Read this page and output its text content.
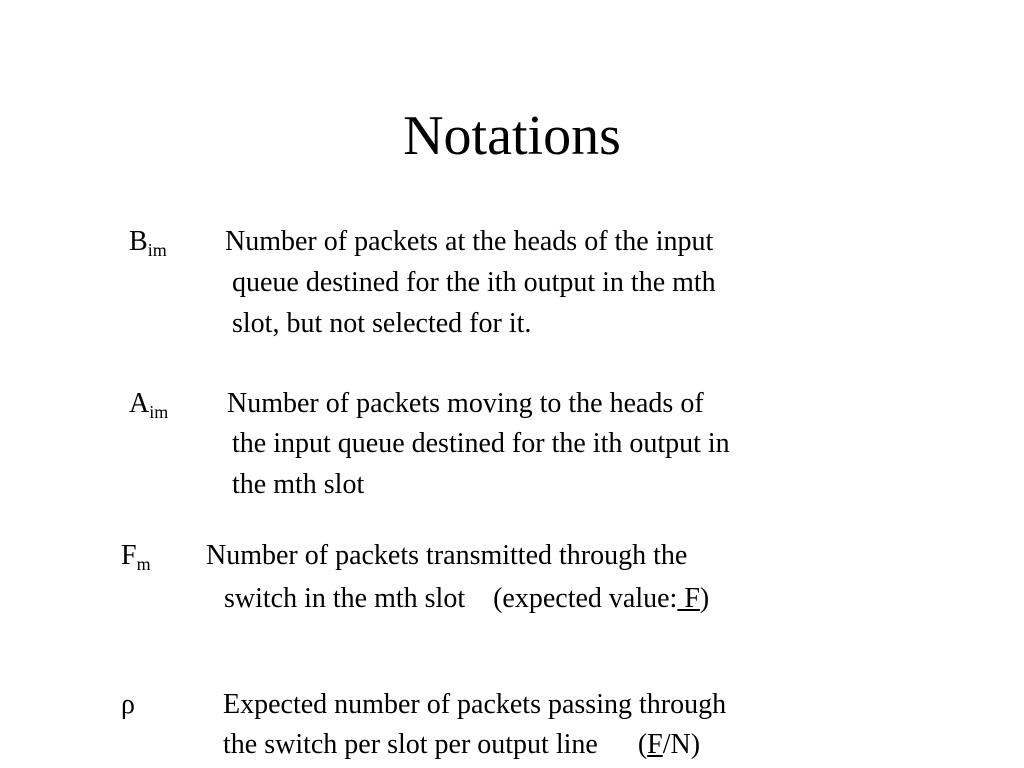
Notations
$B_{im}$ Number of packets at the heads of the input
queue destined for the ith output in the mth
slot, but not selected for it.
$A_{im}$ Number of packets moving to the heads of
the input queue destined for the ith output in
the mth slot
$F_m$ Number of packets transmitted through the
switch in the mth slot (expected value: F)
ρ	Expected number of packets passing through
the switch per slot per output line (F/N)
